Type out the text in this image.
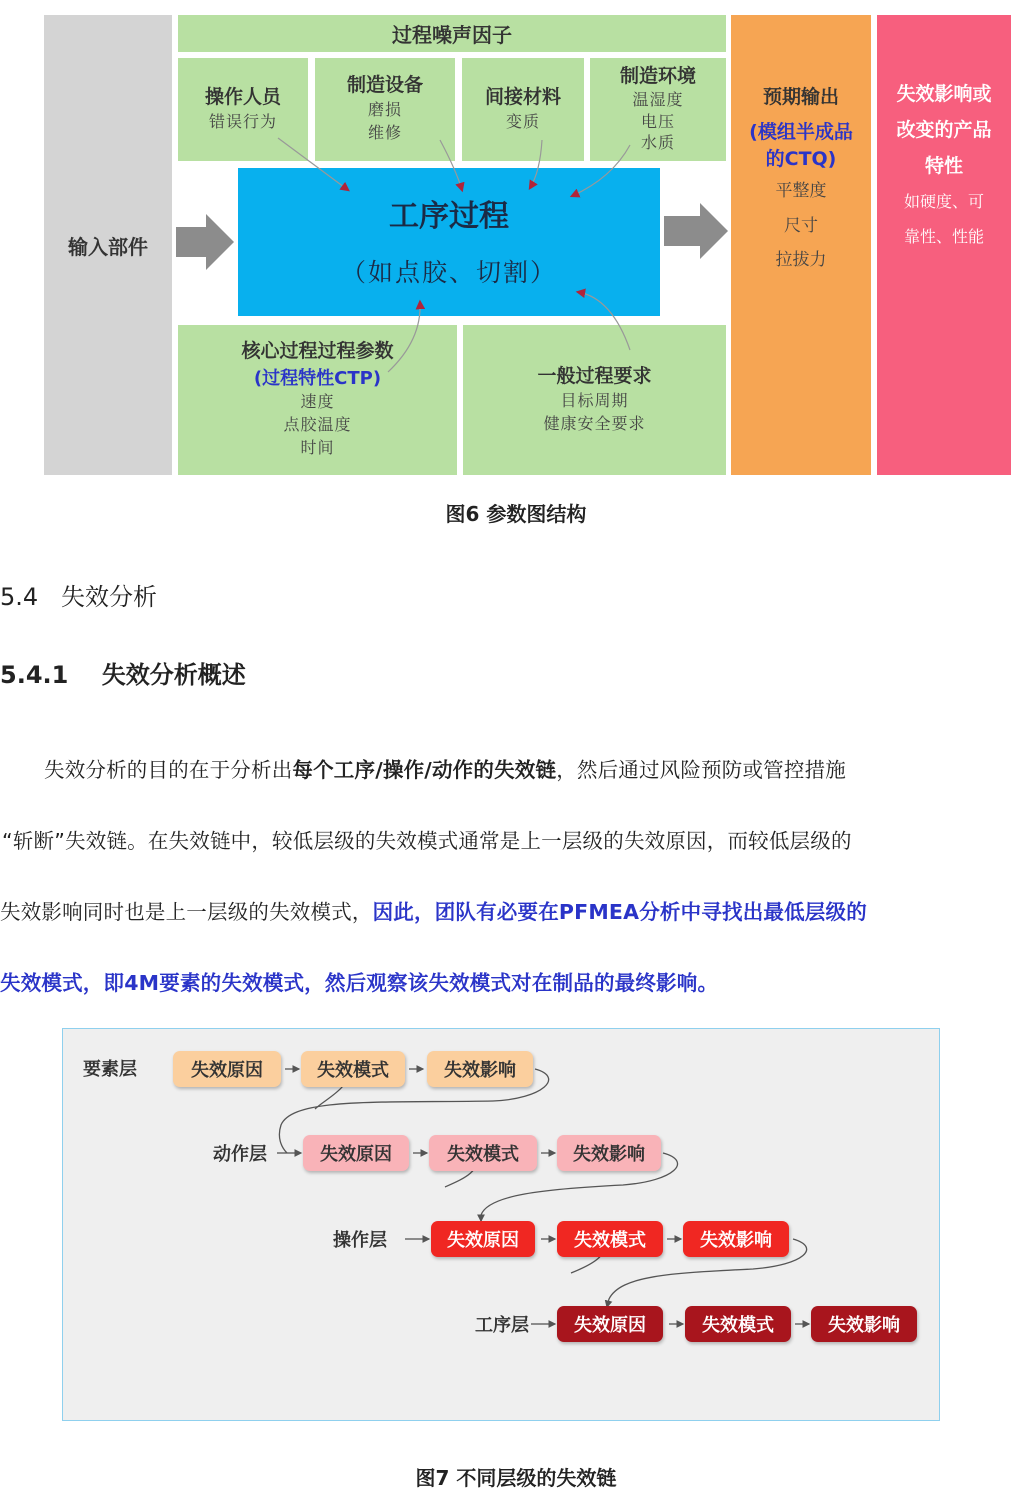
输入部件
过程噪声因子
操作人员
错误行为
制造设备
磨损
维修
间接材料
变质
制造环境
温湿度
电压
水质
工序过程
（如点胶、切割）
核心过程过程参数
(过程特性CTP)
速度
点胶温度
时间
一般过程要求
目标周期
健康安全要求
预期输出
(模组半成品
的CTQ)
平整度
尺寸
拉拔力
失效影响或
改变的产品
特性
如硬度、可
靠性、性能
图6 参数图结构
5.4   失效分析
5.4.1    失效分析概述
失效分析的目的在于分析出每个工序/操作/动作的失效链，然后通过风险预防或管控措施
“斩断”失效链。在失效链中，较低层级的失效模式通常是上一层级的失效原因，而较低层级的
失效影响同时也是上一层级的失效模式，因此，团队有必要在PFMEA分析中寻找出最低层级的
失效模式，即4M要素的失效模式，然后观察该失效模式对在制品的最终影响。
要素层	失效原因	失效模式	失效影响
动作层	失效原因	失效模式	失效影响
操作层	失效原因	失效模式	失效影响
工序层	失效原因	失效模式	失效影响
图7 不同层级的失效链
